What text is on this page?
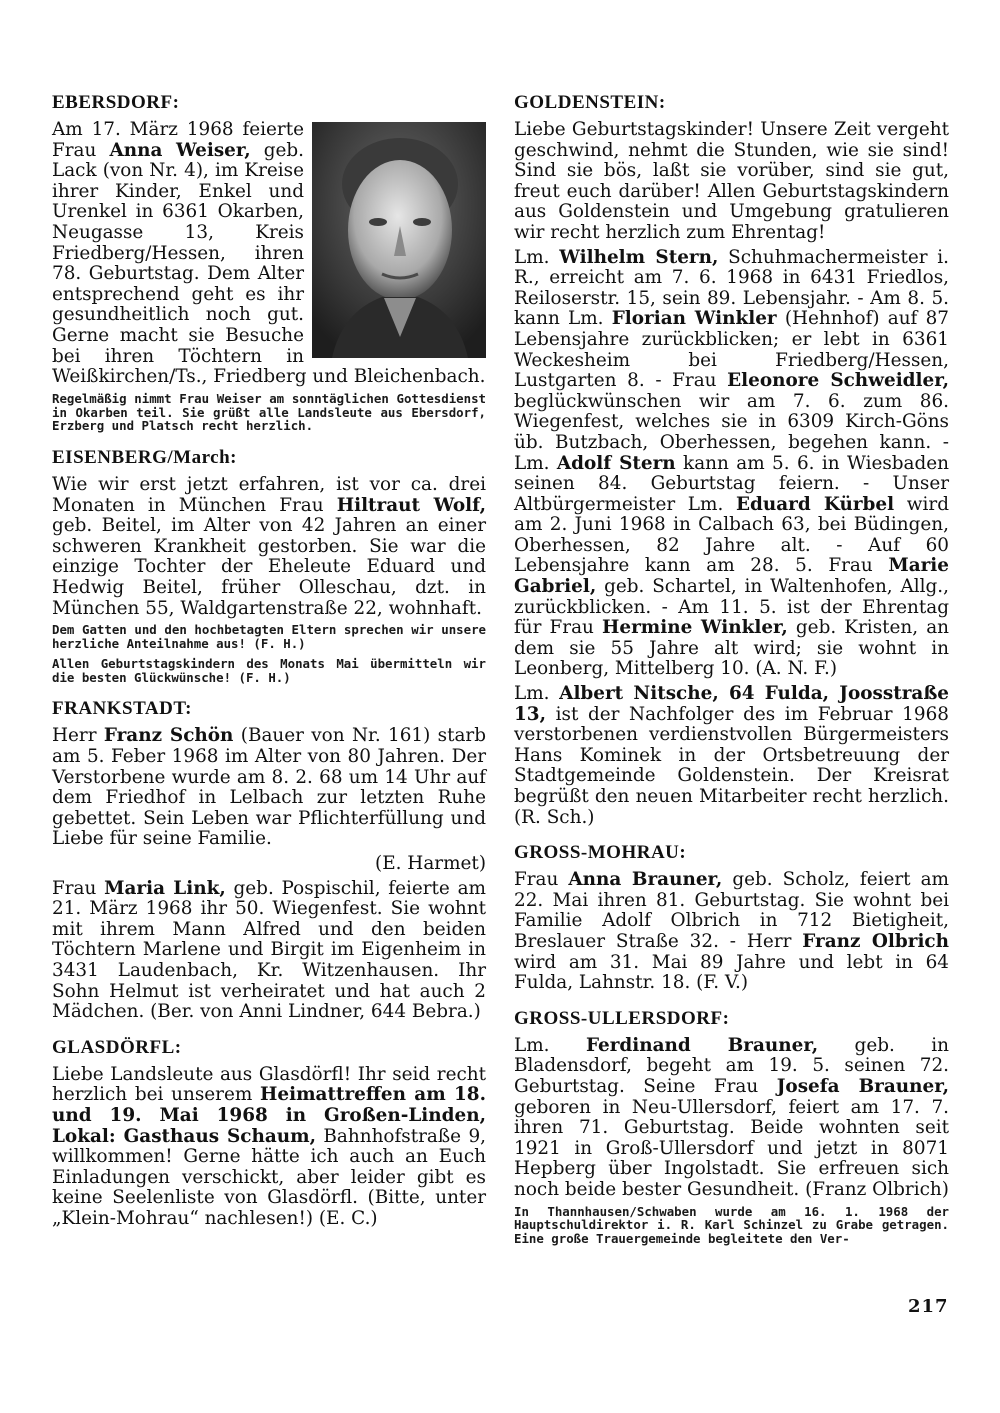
EBERSDORF:

Am 17. März 1968 feierte Frau Anna Weiser, geb. Lack (von Nr. 4), im Kreise ihrer Kinder, Enkel und Urenkel in 6361 Okarben, Neugasse 13, Kreis Friedberg/Hessen, ihren 78. Geburtstag. Dem Alter entsprechend geht es ihr gesundheitlich noch gut. Gerne macht sie Besuche bei ihren Töchtern in Weißkirchen/Ts., Friedberg und Bleichenbach.

Regelmäßig nimmt Frau Weiser am sonntäglichen Gottesdienst in Okarben teil. Sie grüßt alle Landsleute aus Ebersdorf, Erzberg und Platsch recht herzlich.

EISENBERG/March:

Wie wir erst jetzt erfahren, ist vor ca. drei Monaten in München Frau Hiltraut Wolf, geb. Beitel, im Alter von 42 Jahren an einer schweren Krankheit gestorben. Sie war die einzige Tochter der Eheleute Eduard und Hedwig Beitel, früher Olleschau, dzt. in München 55, Waldgartenstraße 22, wohnhaft.

Dem Gatten und den hochbetagten Eltern sprechen wir unsere herzliche Anteilnahme aus! (F. H.)

Allen Geburtstagskindern des Monats Mai übermitteln wir die besten Glückwünsche! (F. H.)

FRANKSTADT:

Herr Franz Schön (Bauer von Nr. 161) starb am 5. Feber 1968 im Alter von 80 Jahren. Der Verstorbene wurde am 8. 2. 68 um 14 Uhr auf dem Friedhof in Lelbach zur letzten Ruhe gebettet. Sein Leben war Pflichterfüllung und Liebe für seine Familie.

(E. Harmet)

Frau Maria Link, geb. Pospischil, feierte am 21. März 1968 ihr 50. Wiegenfest. Sie wohnt mit ihrem Mann Alfred und den beiden Töchtern Marlene und Birgit im Eigenheim in 3431 Laudenbach, Kr. Witzenhausen. Ihr Sohn Helmut ist verheiratet und hat auch 2 Mädchen. (Ber. von Anni Lindner, 644 Bebra.)

GLASDÖRFL:

Liebe Landsleute aus Glasdörfl! Ihr seid recht herzlich bei unserem Heimattreffen am 18. und 19. Mai 1968 in Großen-Linden, Lokal: Gasthaus Schaum, Bahnhofstraße 9, willkommen! Gerne hätte ich auch an Euch Einladungen verschickt, aber leider gibt es keine Seelenliste von Glasdörfl. (Bitte, unter „Klein-Mohrau“ nachlesen!) (E. C.)

GOLDENSTEIN:

Liebe Geburtstagskinder! Unsere Zeit vergeht geschwind, nehmt die Stunden, wie sie sind! Sind sie bös, laßt sie vorüber, sind sie gut, freut euch darüber! Allen Geburtstagskindern aus Goldenstein und Umgebung gratulieren wir recht herzlich zum Ehrentag!

Lm. Wilhelm Stern, Schuhmachermeister i. R., erreicht am 7. 6. 1968 in 6431 Friedlos, Reiloserstr. 15, sein 89. Lebensjahr. - Am 8. 5. kann Lm. Florian Winkler (Hehnhof) auf 87 Lebensjahre zurückblicken; er lebt in 6361 Weckesheim bei Friedberg/Hessen, Lustgarten 8. - Frau Eleonore Schweidler, beglückwünschen wir am 7. 6. zum 86. Wiegenfest, welches sie in 6309 Kirch-Göns üb. Butzbach, Oberhessen, begehen kann. - Lm. Adolf Stern kann am 5. 6. in Wiesbaden seinen 84. Geburtstag feiern. - Unser Altbürgermeister Lm. Eduard Kürbel wird am 2. Juni 1968 in Calbach 63, bei Büdingen, Oberhessen, 82 Jahre alt. - Auf 60 Lebensjahre kann am 28. 5. Frau Marie Gabriel, geb. Schartel, in Waltenhofen, Allg., zurückblicken. - Am 11. 5. ist der Ehrentag für Frau Hermine Winkler, geb. Kristen, an dem sie 55 Jahre alt wird; sie wohnt in Leonberg, Mittelberg 10. (A. N. F.)

Lm. Albert Nitsche, 64 Fulda, Joosstraße 13, ist der Nachfolger des im Februar 1968 verstorbenen verdienstvollen Bürgermeisters Hans Kominek in der Ortsbetreuung der Stadtgemeinde Goldenstein. Der Kreisrat begrüßt den neuen Mitarbeiter recht herzlich. (R. Sch.)

GROSS-MOHRAU:

Frau Anna Brauner, geb. Scholz, feiert am 22. Mai ihren 81. Geburtstag. Sie wohnt bei Familie Adolf Olbrich in 712 Bietigheit, Breslauer Straße 32. - Herr Franz Olbrich wird am 31. Mai 89 Jahre und lebt in 64 Fulda, Lahnstr. 18. (F. V.)

GROSS-ULLERSDORF:

Lm. Ferdinand Brauner, geb. in Bladensdorf, begeht am 19. 5. seinen 72. Geburtstag. Seine Frau Josefa Brauner, geboren in Neu-Ullersdorf, feiert am 17. 7. ihren 71. Geburtstag. Beide wohnten seit 1921 in Groß-Ullersdorf und jetzt in 8071 Hepberg über Ingolstadt. Sie erfreuen sich noch beide bester Gesundheit. (Franz Olbrich)

In Thannhausen/Schwaben wurde am 16. 1. 1968 der Hauptschuldirektor i. R. Karl Schinzel zu Grabe getragen. Eine große Trauergemeinde begleitete den Ver-

217
